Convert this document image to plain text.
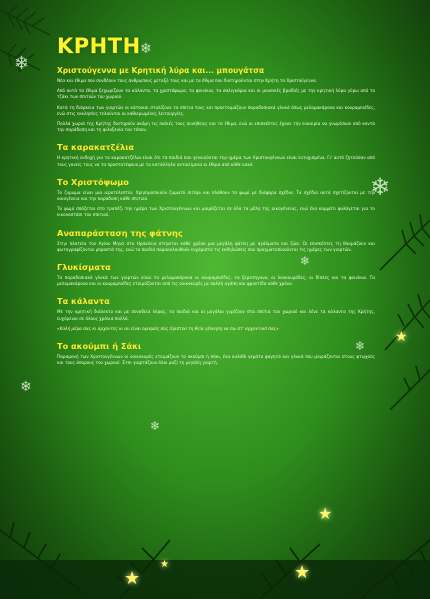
❄
❄
❄
❄
❄
❄
❄
★
★
★
★
★
ΚΡΗΤΗ
Χριστούγεννα με Κρητική λύρα και... μπουγάτσα

Νέα και έθιμα που συνδέουν τους άνθρωπους μεταξύ τους και με τα έθιμα που διατηρούνται στην Κρήτη τα Χριστούγεννα.

Από αυτά τα έθιμα ξεχωρίζουν τα κάλαντα, τα χριστόψωμα, τα φοινίκια, τα σαλιγκάρια και οι μουσικές βραδιές με την κρητική λύρα γύρω από το τζάκι των σπιτιών του χωριού.

Κατά τη διάρκεια των γιορτών οι κάτοικοι στολίζουν τα σπίτια τους και προετοιμάζουν παραδοσιακά γλυκά όπως μελομακάρονα και κουραμπιέδες, ενώ στις εκκλησίες τελούνται οι καθιερωμένες λειτουργίες.

Πολλά χωριά της Κρήτης διατηρούν ακόμη τις παλιές τους συνήθειες και τα έθιμα, ενώ οι επισκέπτες έχουν την ευκαιρία να γνωρίσουν από κοντά την παράδοση και τη φιλοξενία του τόπου.

Τα καρακατζέλια

Η κρητική εκδοχή για τα καρακατζέλια είναι ότι τα παιδιά που γεννιούνται την ημέρα των Χριστουγέννων είναι ευτυχισμένα. Γι' αυτό ζητούσαν από τους γονείς τους να τα προστατέψουν με τα κατάλληλα αντικείμενα κι έθιμα από κάθε κακό.

Το Χριστόψωμο

Το ζυμωμα είναι μια ιεροτελεστία. Χρησιμοποιούν ζυμωτό σιτάρι και πλάθουν το ψωμί με διάφορα σχέδια. Τα σχέδια αυτά σχετίζονται με την οικογένεια και την παράδοση κάθε σπιτιού.

Το ψωμί σπάζεται στο τραπέζι την ημέρα των Χριστουγέννων και μοιράζεται σε όλα τα μέλη της οικογένειας, ενώ ένα κομμάτι φυλάγεται για το εικονοστάσι του σπιτιού.

Αναπαράσταση της φάτνης

Στην πλατεία του Αγίου Μηνά στο Ηράκλειο στήνεται κάθε χρόνο μια μεγάλη φάτνη με αγάλματα και ζώα. Οι επισκέπτες τη θαυμάζουν και φωτογραφίζονται μπροστά της, ενώ τα παιδιά παρακολουθούν ευχάριστα τις εκδηλώσεις που πραγματοποιούνται τις ημέρες των γιορτών.

Γλυκίσματα

Τα παραδοσιακά γλυκά των γιορτών είναι τα μελομακάρονα οι κουραμπιέδες, τα ξεροτήγανα, οι λουκουμάδες, οι δίπλες και τα φοινίκια. Τα μελομακάρονα και οι κουραμπιέδες ετοιμάζονται από τις νοικοκυρές με πολλή αγάπη και φροντίδα κάθε χρόνο.

Τα κάλαντα

Με την κρητική διάλεκτο και με συνοδεία λύρας, τα παιδιά και οι μεγάλοι γυρίζουν στα σπίτια του χωριού και λένε τα κάλαντα της Κρήτης, ευχόμενοι σε όλους χρόνια πολλά.

«Καλή μέρα σας κι άρχοντες κι αν είναι ορισμός σας Χριστού τη θεία γέννηση να πω στ' αρχοντικό σας»

Το ακούμπι ή Σάκι

Παραμονή των Χριστουγέννων οι νοικοκυρές ετοιμάζουν το ακούμπι ή σάκι, ένα καλάθι γεμάτο φαγητά και γλυκά που μοιράζονται στους φτωχούς και τους άπορους του χωριού. Έτσι γιορτάζουν όλοι μαζί τη μεγάλη γιορτή.
